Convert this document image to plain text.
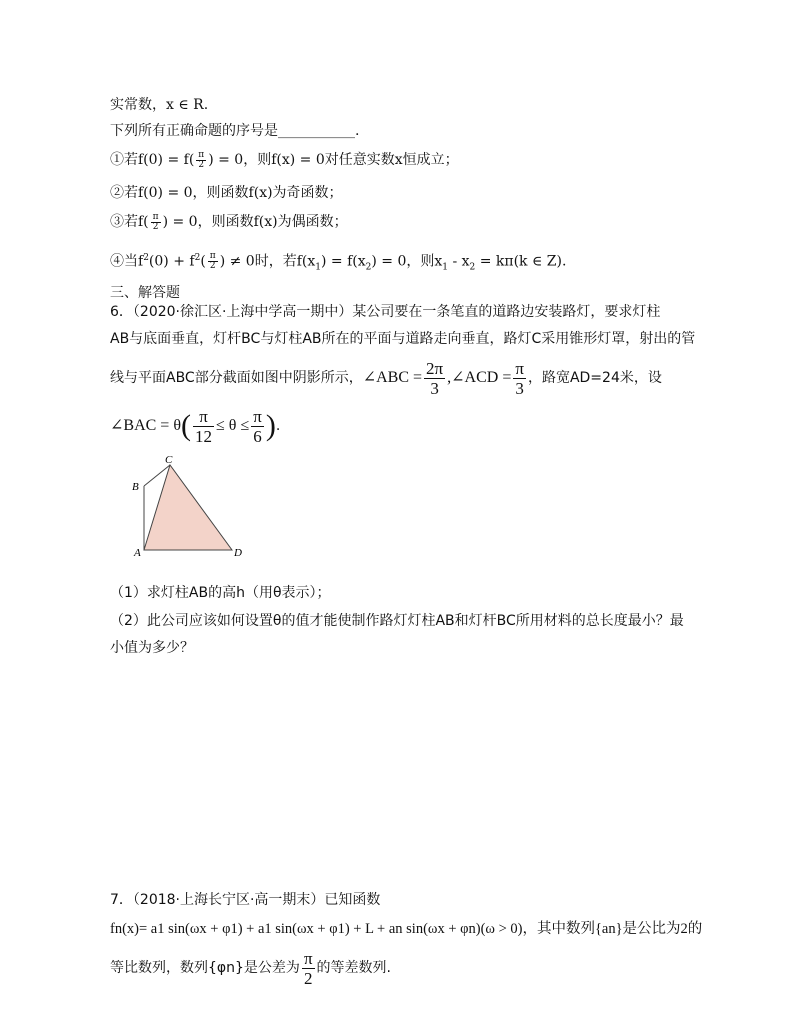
实常数，x ∈ R.
下列所有正确命题的序号是___________.
①若$f(0) = f( \frac{\pi}{2}$ ) = 0，则f(x) = 0对任意实数x恒成立；
②若f(0) = 0，则函数f(x)为奇函数；
③若$f( \frac{\pi}{2}$ ) = 0，则函数f(x)为偶函数；
④当$f^2(0) + f^2( \frac{\pi}{2}$ ) ≠ 0时，若$f(x_1) = f(x_2) = 0$，则$x_1 - x_2 = k\pi(k$ ∈ Z).
三、解答题
6．（2020·徐汇区·上海中学高一期中）某公司要在一条笔直的道路边安装路灯，要求灯柱
AB与底面垂直，灯杆BC与灯柱AB所在的平面与道路走向垂直，路灯C采用锥形灯罩，射出的管
线与平面ABC部分截面如图中阴影所示，∠ABC = $\frac{2\pi}{3}$ ,∠ACD = $\frac{\pi}{3}$ ，路宽AD=24米，设
∠BAC = $\theta( \frac{\pi}{12} \le \theta \le \frac{\pi}{6}$ ).
C
B
A	D
（1）求灯柱AB的高h（用θ表示）；
（2）此公司应该如何设置θ的值才能使制作路灯灯柱AB和灯杆BC所用材料的总长度最小？最
小值为多少？
7．（2018·上海长宁区·高一期末）已知函数
fn(x)= a1 sin(ωx + φ1) + a1 sin(ωx + φ1) + L + an sin(ωx + φn)(ω > 0)，其中数列{an}是公比为2的
等比数列，数列{φn}是公差为 $\frac{\pi}{2}$ 的等差数列.
